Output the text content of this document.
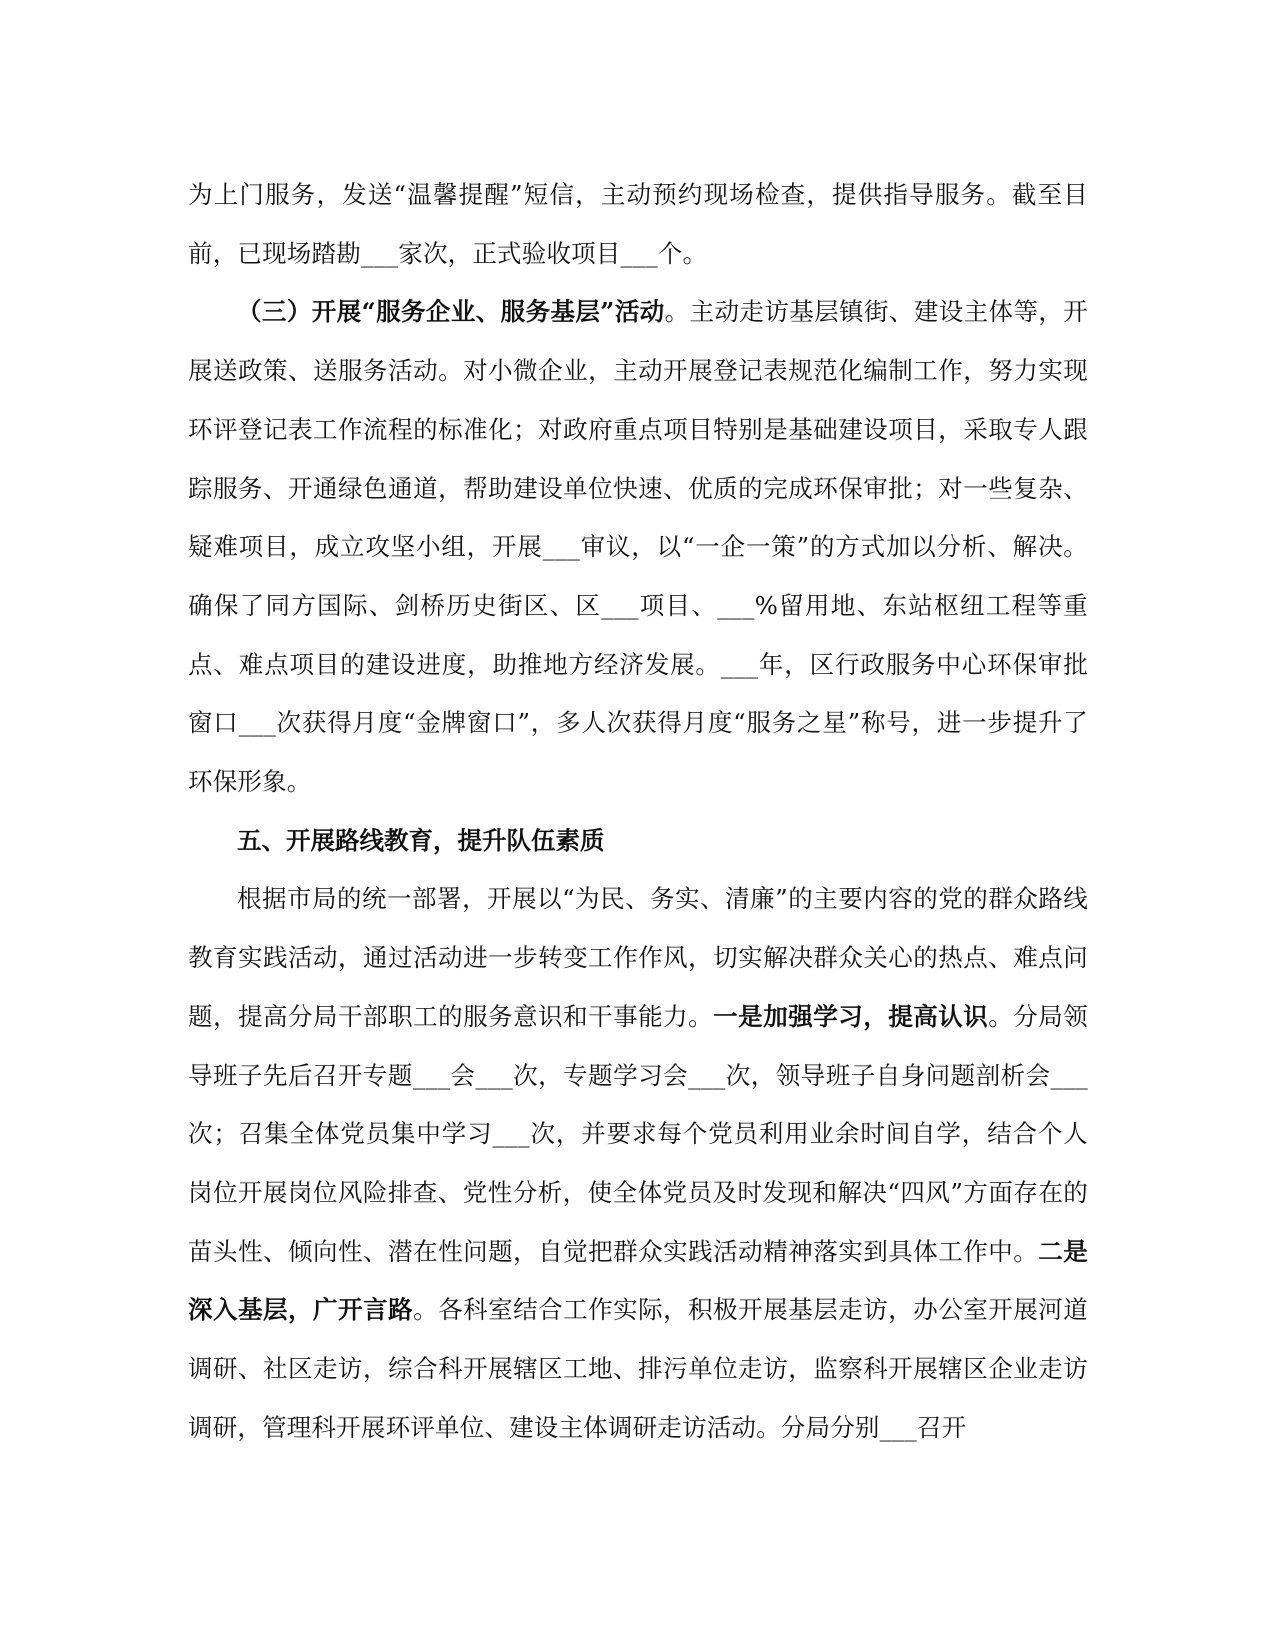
为上门服务，发送“温馨提醒”短信，主动预约现场检查，提供指导服务。截至目前，已现场踏勘___家次，正式验收项目___个。

（三）开展“服务企业、服务基层”活动。主动走访基层镇街、建设主体等，开展送政策、送服务活动。对小微企业，主动开展登记表规范化编制工作，努力实现环评登记表工作流程的标准化；对政府重点项目特别是基础建设项目，采取专人跟踪服务、开通绿色通道，帮助建设单位快速、优质的完成环保审批；对一些复杂、疑难项目，成立攻坚小组，开展___审议，以“一企一策”的方式加以分析、解决。确保了同方国际、剑桥历史街区、区___项目、___%留用地、东站枢纽工程等重点、难点项目的建设进度，助推地方经济发展。___年，区行政服务中心环保审批窗口___次获得月度“金牌窗口”，多人次获得月度“服务之星”称号，进一步提升了环保形象。

五、开展路线教育，提升队伍素质

根据市局的统一部署，开展以“为民、务实、清廉”的主要内容的党的群众路线教育实践活动，通过活动进一步转变工作作风，切实解决群众关心的热点、难点问题，提高分局干部职工的服务意识和干事能力。一是加强学习，提高认识。分局领导班子先后召开专题___会___次，专题学习会___次，领导班子自身问题剖析会___次；召集全体党员集中学习___次，并要求每个党员利用业余时间自学，结合个人岗位开展岗位风险排查、党性分析，使全体党员及时发现和解决“四风”方面存在的苗头性、倾向性、潜在性问题，自觉把群众实践活动精神落实到具体工作中。二是深入基层，广开言路。各科室结合工作实际，积极开展基层走访，办公室开展河道调研、社区走访，综合科开展辖区工地、排污单位走访，监察科开展辖区企业走访调研，管理科开展环评单位、建设主体调研走访活动。分局分别___召开
